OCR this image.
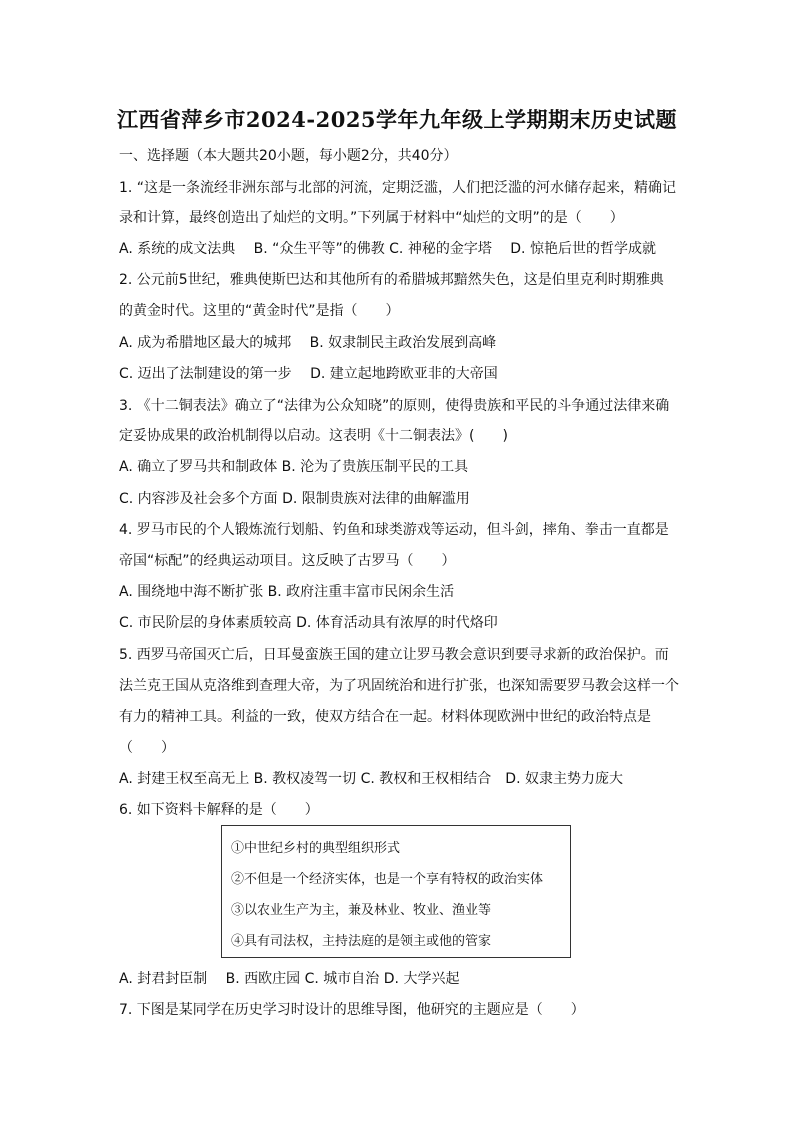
江西省萍乡市2024-2025学年九年级上学期期末历史试题
一、选择题（本大题共20小题，每小题2分，共40分）
1. “这是一条流经非洲东部与北部的河流，定期泛滥，人们把泛滥的河水储存起来，精确记
录和计算，最终创造出了灿烂的文明。”下列属于材料中“灿烂的文明”的是（　　）
A. 系统的成文法典　 B. “众生平等”的佛教 C. 神秘的金字塔　 D. 惊艳后世的哲学成就
2. 公元前5世纪，雅典使斯巴达和其他所有的希腊城邦黯然失色，这是伯里克利时期雅典
的黄金时代。这里的“黄金时代”是指（　　）
A. 成为希腊地区最大的城邦　 B. 奴隶制民主政治发展到高峰
C. 迈出了法制建设的第一步　 D. 建立起地跨欧亚非的大帝国
3. 《十二铜表法》确立了“法律为公众知晓”的原则，使得贵族和平民的斗争通过法律来确
定妥协成果的政治机制得以启动。这表明《十二铜表法》(　　)
A. 确立了罗马共和制政体 B. 沦为了贵族压制平民的工具
C. 内容涉及社会多个方面 D. 限制贵族对法律的曲解滥用
4. 罗马市民的个人锻炼流行划船、钓鱼和球类游戏等运动，但斗剑，摔角、拳击一直都是
帝国“标配”的经典运动项目。这反映了古罗马（　　）
A. 围绕地中海不断扩张 B. 政府注重丰富市民闲余生活
C. 市民阶层的身体素质较高 D. 体育活动具有浓厚的时代烙印
5. 西罗马帝国灭亡后，日耳曼蛮族王国的建立让罗马教会意识到要寻求新的政治保护。而
法兰克王国从克洛维到查理大帝，为了巩固统治和进行扩张，也深知需要罗马教会这样一个
有力的精神工具。利益的一致，使双方结合在一起。材料体现欧洲中世纪的政治特点是
（　　）
A. 封建王权至高无上 B. 教权凌驾一切 C. 教权和王权相结合　D. 奴隶主势力庞大
6. 如下资料卡解释的是（　　）
①中世纪乡村的典型组织形式
②不但是一个经济实体，也是一个享有特权的政治实体
③以农业生产为主，兼及林业、牧业、渔业等
④具有司法权，主持法庭的是领主或他的管家
A. 封君封臣制　 B. 西欧庄园 C. 城市自治 D. 大学兴起
7. 下图是某同学在历史学习时设计的思维导图，他研究的主题应是（　　）
